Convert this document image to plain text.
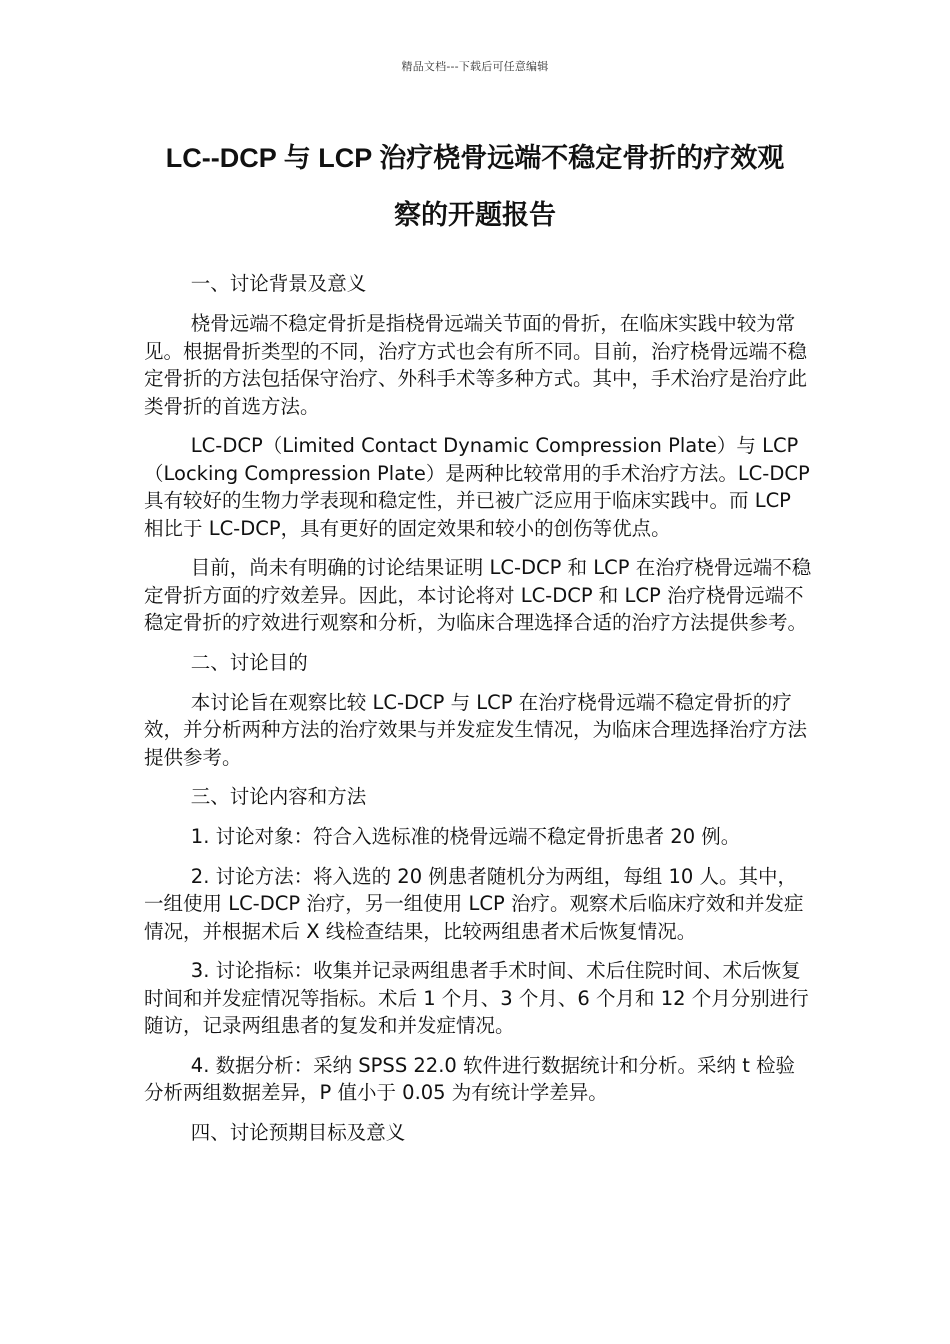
精品文档---下载后可任意编辑
LC--DCP 与 LCP 治疗桡骨远端不稳定骨折的疗效观
察的开题报告

一、讨论背景及意义

桡骨远端不稳定骨折是指桡骨远端关节面的骨折，在临床实践中较为常见。根据骨折类型的不同，治疗方式也会有所不同。目前，治疗桡骨远端不稳定骨折的方法包括保守治疗、外科手术等多种方式。其中，手术治疗是治疗此类骨折的首选方法。

LC-DCP（Limited Contact Dynamic Compression Plate）与 LCP（Locking Compression Plate）是两种比较常用的手术治疗方法。LC-DCP 具有较好的生物力学表现和稳定性，并已被广泛应用于临床实践中。而 LCP 相比于 LC-DCP，具有更好的固定效果和较小的创伤等优点。

目前，尚未有明确的讨论结果证明 LC-DCP 和 LCP 在治疗桡骨远端不稳定骨折方面的疗效差异。因此，本讨论将对 LC-DCP 和 LCP 治疗桡骨远端不稳定骨折的疗效进行观察和分析，为临床合理选择合适的治疗方法提供参考。

二、讨论目的

本讨论旨在观察比较 LC-DCP 与 LCP 在治疗桡骨远端不稳定骨折的疗效，并分析两种方法的治疗效果与并发症发生情况，为临床合理选择治疗方法提供参考。

三、讨论内容和方法

1. 讨论对象：符合入选标准的桡骨远端不稳定骨折患者 20 例。

2. 讨论方法：将入选的 20 例患者随机分为两组，每组 10 人。其中，一组使用 LC-DCP 治疗，另一组使用 LCP 治疗。观察术后临床疗效和并发症情况，并根据术后 X 线检查结果，比较两组患者术后恢复情况。

3. 讨论指标：收集并记录两组患者手术时间、术后住院时间、术后恢复时间和并发症情况等指标。术后 1 个月、3 个月、6 个月和 12 个月分别进行随访，记录两组患者的复发和并发症情况。

4. 数据分析：采纳 SPSS 22.0 软件进行数据统计和分析。采纳 t 检验分析两组数据差异，P 值小于 0.05 为有统计学差异。

四、讨论预期目标及意义
